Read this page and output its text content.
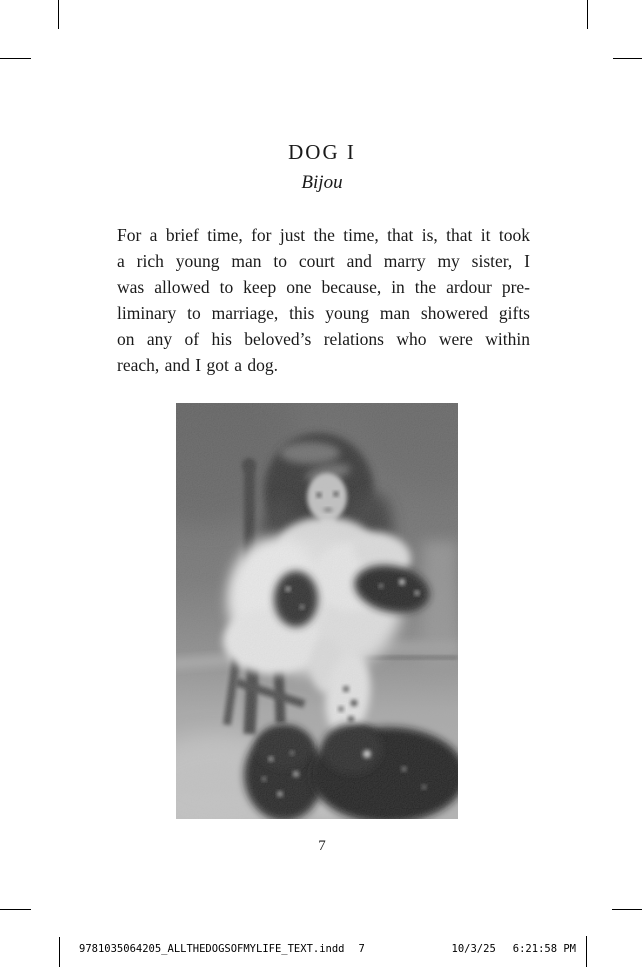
DOG I
Bijou
For a brief time, for just the time, that is, that it took
a rich young man to court and marry my sister, I
was allowed to keep one because, in the ardour pre-
liminary to marriage, this young man showered gifts
on any of his beloved’s relations who were within
reach, and I got a dog.
7
9781035064205_ALLTHEDOGSOFMYLIFE_TEXT.indd 7	10/3/25 6:21:58 PM
